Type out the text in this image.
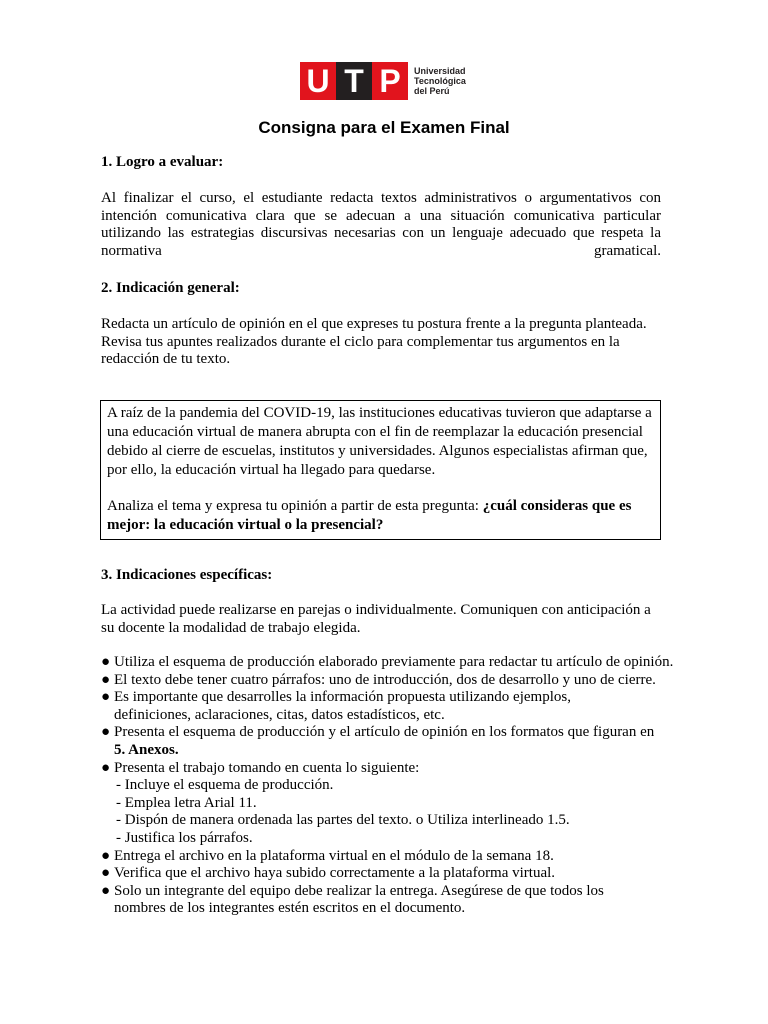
U T P	Universidad
Tecnológica
del Perú
Consigna para el Examen Final
1. Logro a evaluar:
Al finalizar el curso, el estudiante redacta textos administrativos o argumentativos con intención comunicativa clara que se adecuan a una situación comunicativa particular utilizando las estrategias discursivas necesarias con un lenguaje adecuado que respeta la normativa gramatical.
2. Indicación general:
Redacta un artículo de opinión en el que expreses tu postura frente a la pregunta planteada. Revisa tus apuntes realizados durante el ciclo para complementar tus argumentos en la redacción de tu texto.

A raíz de la pandemia del COVID-19, las instituciones educativas tuvieron que adaptarse a una educación virtual de manera abrupta con el fin de reemplazar la educación presencial debido al cierre de escuelas, institutos y universidades. Algunos especialistas afirman que, por ello, la educación virtual ha llegado para quedarse.

Analiza el tema y expresa tu opinión a partir de esta pregunta: ¿cuál consideras que es mejor: la educación virtual o la presencial?

3. Indicaciones específicas:
La actividad puede realizarse en parejas o individualmente. Comuniquen con anticipación a su docente la modalidad de trabajo elegida.
● Utiliza el esquema de producción elaborado previamente para redactar tu artículo de opinión.
● El texto debe tener cuatro párrafos: uno de introducción, dos de desarrollo y uno de cierre.
● Es importante que desarrolles la información propuesta utilizando ejemplos, definiciones, aclaraciones, citas, datos estadísticos, etc.
● Presenta el esquema de producción y el artículo de opinión en los formatos que figuran en
5. Anexos.
● Presenta el trabajo tomando en cuenta lo siguiente:
- Incluye el esquema de producción.
- Emplea letra Arial 11.
- Dispón de manera ordenada las partes del texto. o Utiliza interlineado 1.5.
- Justifica los párrafos.
● Entrega el archivo en la plataforma virtual en el módulo de la semana 18.
● Verifica que el archivo haya subido correctamente a la plataforma virtual.
● Solo un integrante del equipo debe realizar la entrega. Asegúrese de que todos los nombres de los integrantes estén escritos en el documento.
